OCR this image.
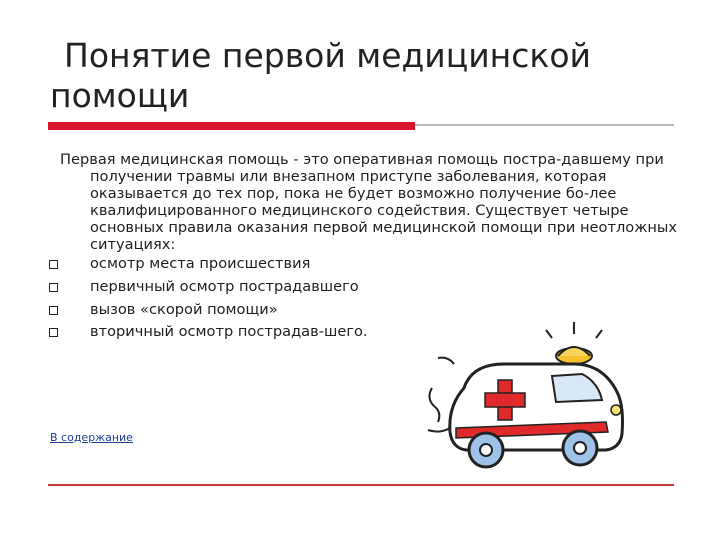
Понятие первой медицинской помощи

Первая медицинская помощь - это оперативная помощь постра-давшему при получении травмы или внезапном приступе заболевания, которая оказывается до тех пор, пока не будет возможно получение бо-лее квалифицированного медицинского содействия. Существует четыре основных правила оказания первой медицинской помощи при неотложных ситуациях:

осмотр места происшествия
первичный осмотр пострадавшего
вызов «скорой помощи»
вторичный осмотр пострадав-шего.
В содержание
